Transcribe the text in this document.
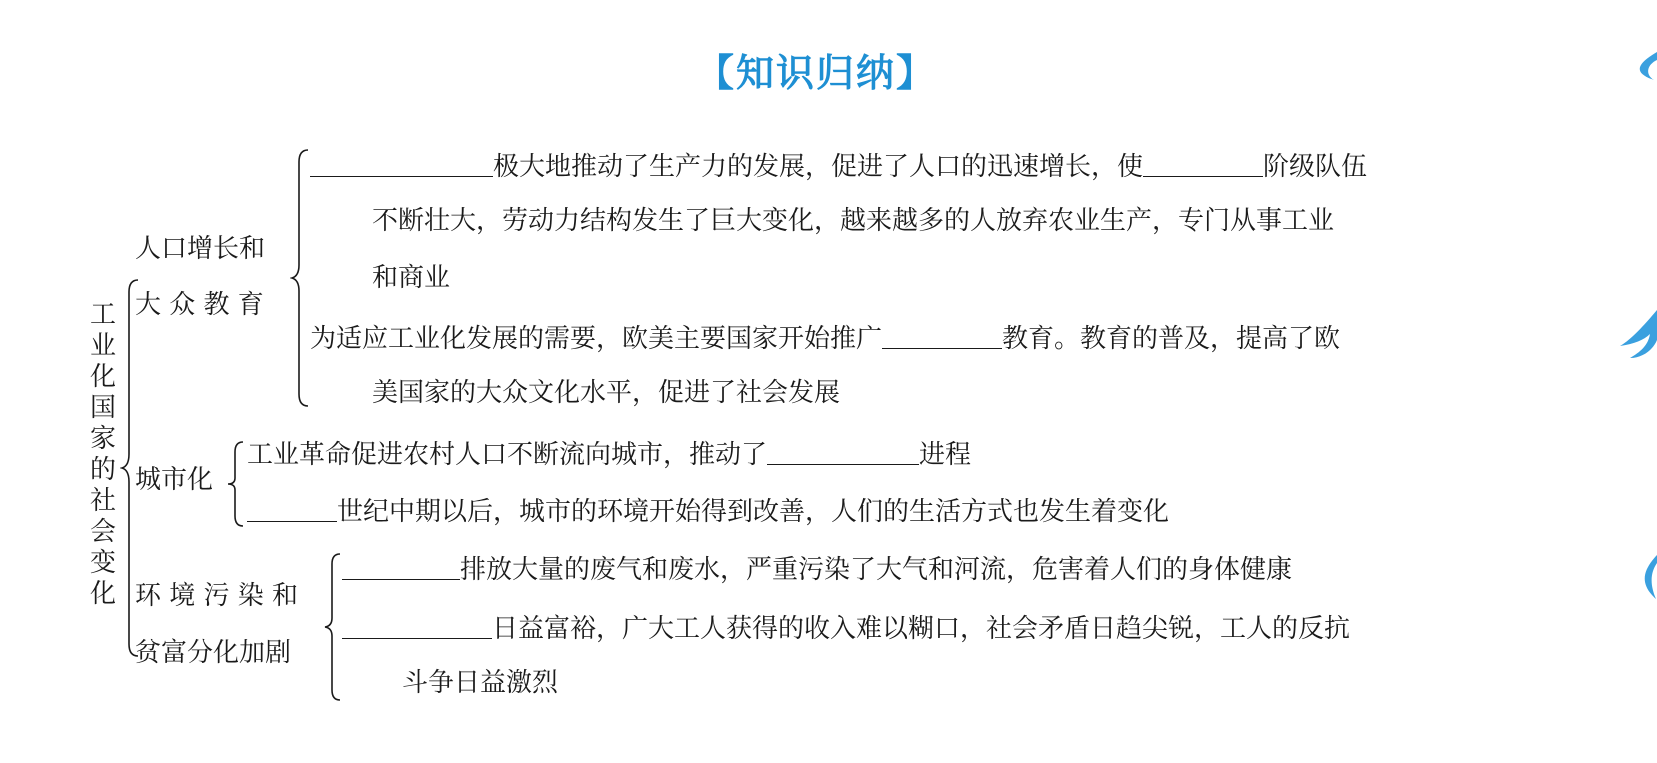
【知识归纳】
工
业
化
国
家
的
社
会
变
化
人口增长和
大 众 教 育
极大地推动了生产力的发展，促进了人口的迅速增长，使	阶级队伍
不断壮大，劳动力结构发生了巨大变化，越来越多的人放弃农业生产，专门从事工业
和商业
为适应工业化发展的需要，欧美主要国家开始推广	教育。教育的普及，提高了欧
美国家的大众文化水平，促进了社会发展
城市化
工业革命促进农村人口不断流向城市，推动了	进程
世纪中期以后，城市的环境开始得到改善，人们的生活方式也发生着变化
环 境 污 染 和
贫富分化加剧
排放大量的废气和废水，严重污染了大气和河流，危害着人们的身体健康
日益富裕，广大工人获得的收入难以糊口，社会矛盾日趋尖锐，工人的反抗
斗争日益激烈
